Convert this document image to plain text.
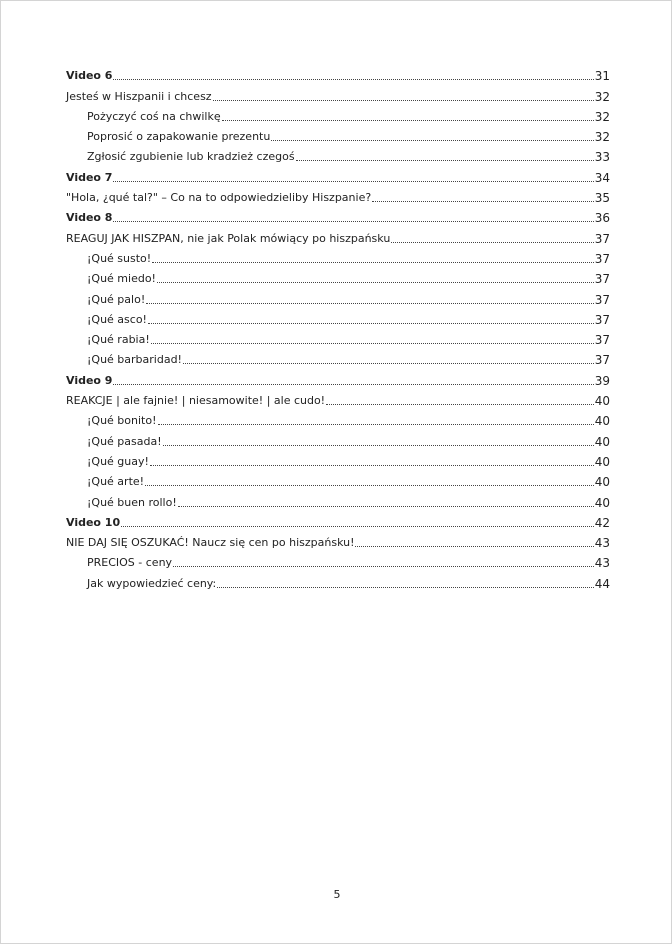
Video 6	31
Jesteś w Hiszpanii i chcesz	32
Pożyczyć coś na chwilkę	32
Poprosić o zapakowanie prezentu	32
Zgłosić zgubienie lub kradzież czegoś	33
Video 7	34
"Hola, ¿qué tal?" – Co na to odpowiedzieliby Hiszpanie?	35
Video 8	36
REAGUJ JAK HISZPAN, nie jak Polak mówiący po hiszpańsku	37
¡Qué susto!	37
¡Qué miedo!	37
¡Qué palo!	37
¡Qué asco!	37
¡Qué rabia!	37
¡Qué barbaridad!	37
Video 9	39
REAKCJE | ale fajnie! | niesamowite! | ale cudo!	40
¡Qué bonito!	40
¡Qué pasada!	40
¡Qué guay!	40
¡Qué arte!	40
¡Qué buen rollo!	40
Video 10	42
NIE DAJ SIĘ OSZUKAĆ! Naucz się cen po hiszpańsku!	43
PRECIOS - ceny	43
Jak wypowiedzieć ceny:	44
5
